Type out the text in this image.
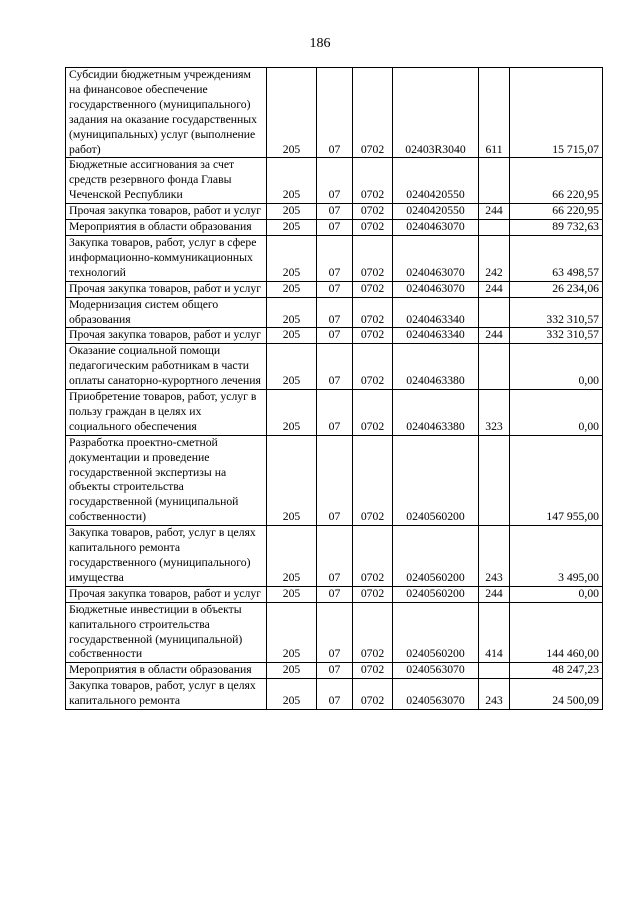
186
Субсидии бюджетным учреждениям на финансовое обеспечение государственного (муниципального) задания на оказание государственных (муниципальных) услуг (выполнение работ)	205	07	0702	02403R3040	611	15 715,07
Бюджетные ассигнования за счет средств резервного фонда Главы Чеченской Республики	205	07	0702	0240420550		66 220,95
Прочая закупка товаров, работ и услуг	205	07	0702	0240420550	244	66 220,95
Мероприятия в области образования	205	07	0702	0240463070		89 732,63
Закупка товаров, работ, услуг в сфере информационно-коммуникационных технологий	205	07	0702	0240463070	242	63 498,57
Прочая закупка товаров, работ и услуг	205	07	0702	0240463070	244	26 234,06
Модернизация систем общего образования	205	07	0702	0240463340		332 310,57
Прочая закупка товаров, работ и услуг	205	07	0702	0240463340	244	332 310,57
Оказание социальной помощи педагогическим работникам в части оплаты санаторно-курортного лечения	205	07	0702	0240463380		0,00
Приобретение товаров, работ, услуг в пользу граждан в целях их социального обеспечения	205	07	0702	0240463380	323	0,00
Разработка проектно-сметной документации и проведение государственной экспертизы на объекты строительства государственной (муниципальной собственности)	205	07	0702	0240560200		147 955,00
Закупка товаров, работ, услуг в целях капитального ремонта государственного (муниципального) имущества	205	07	0702	0240560200	243	3 495,00
Прочая закупка товаров, работ и услуг	205	07	0702	0240560200	244	0,00
Бюджетные инвестиции в объекты капитального строительства государственной (муниципальной) собственности	205	07	0702	0240560200	414	144 460,00
Мероприятия в области образования	205	07	0702	0240563070		48 247,23
Закупка товаров, работ, услуг в целях капитального ремонта	205	07	0702	0240563070	243	24 500,09
